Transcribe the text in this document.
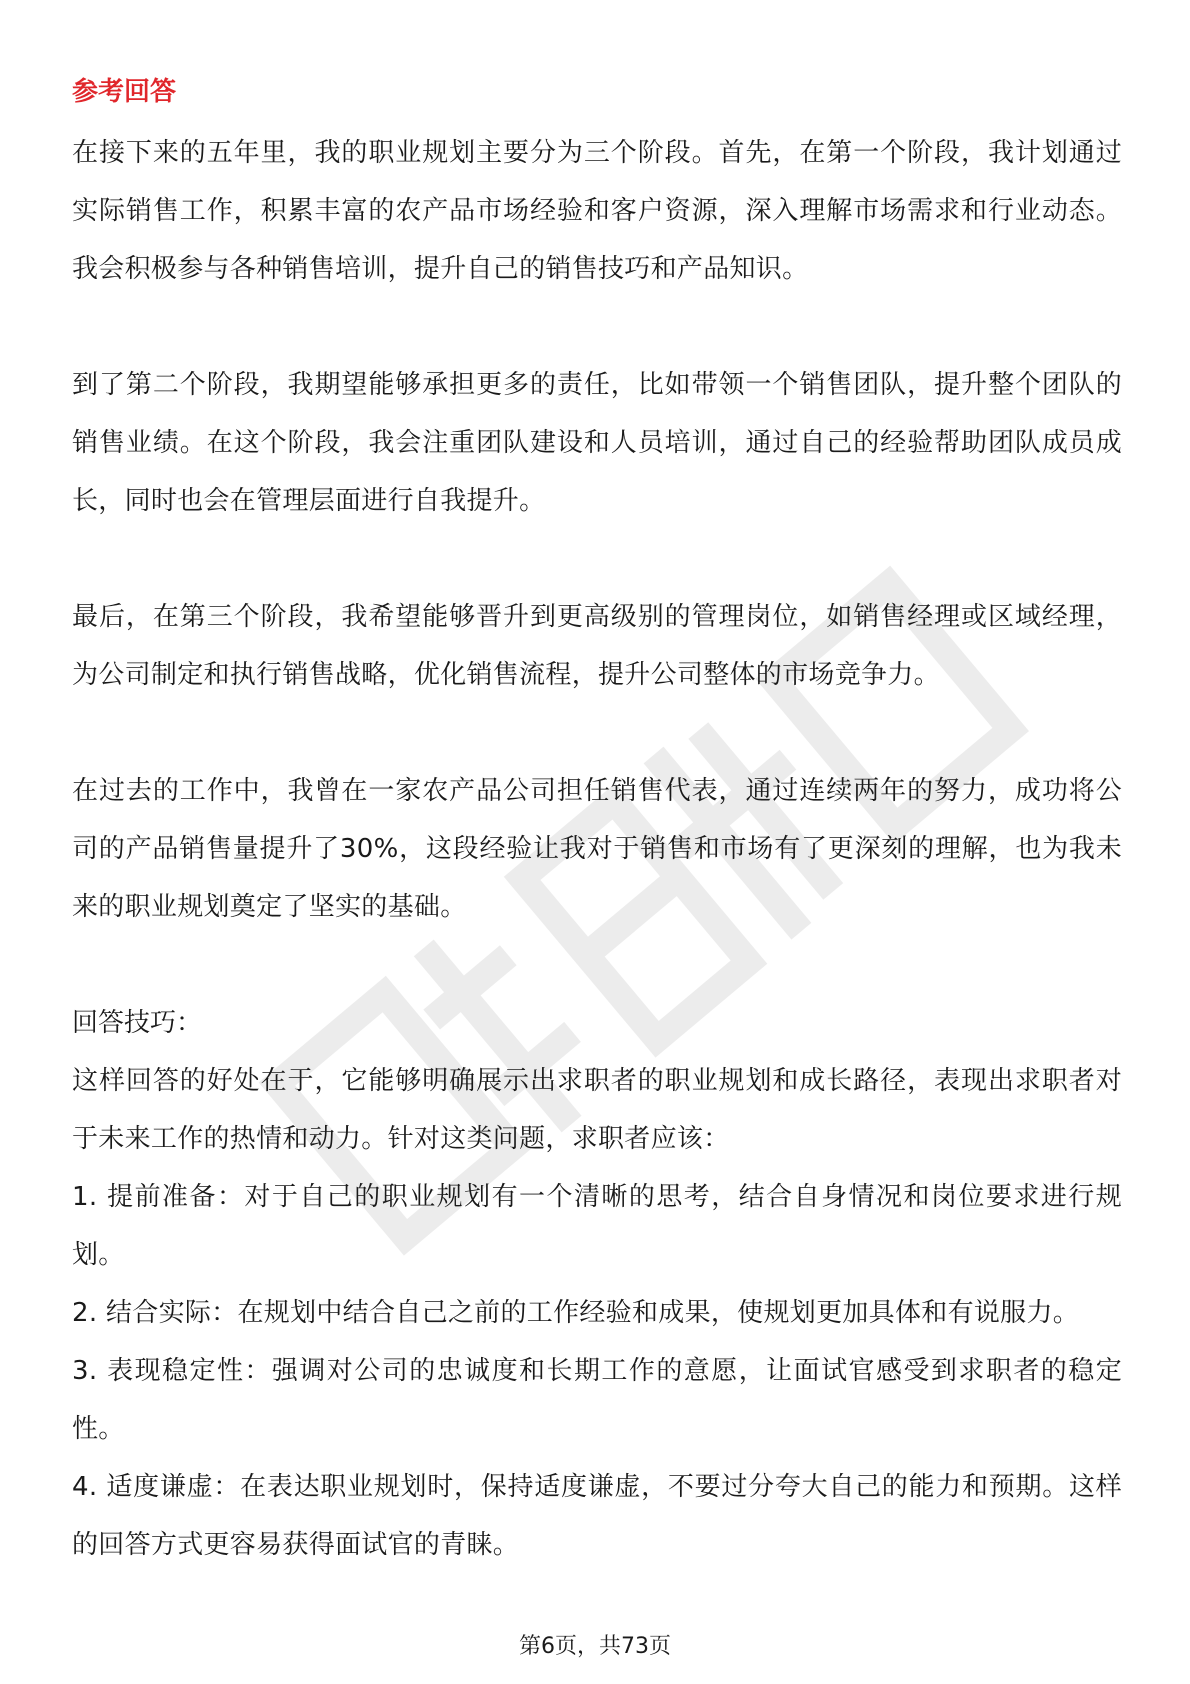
参考回答

在接下来的五年里，我的职业规划主要分为三个阶段。首先，在第一个阶段，我计划通过实际销售工作，积累丰富的农产品市场经验和客户资源，深入理解市场需求和行业动态。我会积极参与各种销售培训，提升自己的销售技巧和产品知识。

到了第二个阶段，我期望能够承担更多的责任，比如带领一个销售团队，提升整个团队的销售业绩。在这个阶段，我会注重团队建设和人员培训，通过自己的经验帮助团队成员成长，同时也会在管理层面进行自我提升。

最后，在第三个阶段，我希望能够晋升到更高级别的管理岗位，如销售经理或区域经理，为公司制定和执行销售战略，优化销售流程，提升公司整体的市场竞争力。

在过去的工作中，我曾在一家农产品公司担任销售代表，通过连续两年的努力，成功将公司的产品销售量提升了30%，这段经验让我对于销售和市场有了更深刻的理解，也为我未来的职业规划奠定了坚实的基础。

回答技巧：

这样回答的好处在于，它能够明确展示出求职者的职业规划和成长路径，表现出求职者对于未来工作的热情和动力。针对这类问题，求职者应该：

1. 提前准备：对于自己的职业规划有一个清晰的思考，结合自身情况和岗位要求进行规划。

2. 结合实际：在规划中结合自己之前的工作经验和成果，使规划更加具体和有说服力。

3. 表现稳定性：强调对公司的忠诚度和长期工作的意愿，让面试官感受到求职者的稳定性。

4. 适度谦虚：在表达职业规划时，保持适度谦虚，不要过分夸大自己的能力和预期。这样的回答方式更容易获得面试官的青睐。

第6页，共73页
